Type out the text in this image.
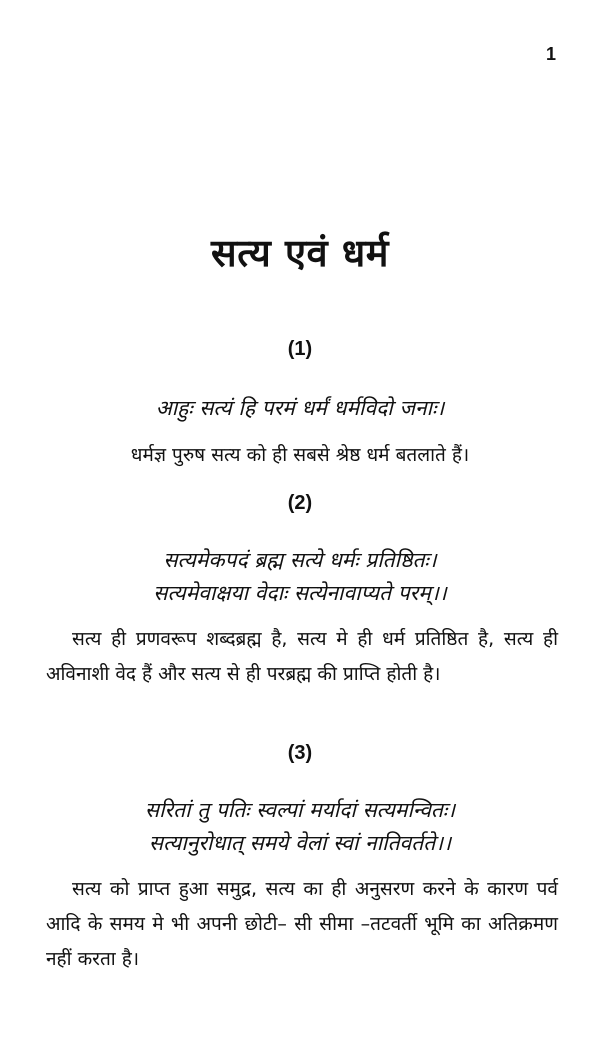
1
सत्य एवं धर्म
(1)
आहुः सत्यं हि परमं धर्मं धर्मविदो जनाः।
धर्मज्ञ पुरुष सत्य को ही सबसे श्रेष्ठ धर्म बतलाते हैं।
(2)
सत्यमेकपदं ब्रह्म सत्ये धर्मः प्रतिष्ठितः।
सत्यमेवाक्षया वेदाः सत्येनावाप्यते परम्।।
सत्य ही प्रणवरूप शब्दब्रह्म है, सत्य मे ही धर्म प्रतिष्ठित है, सत्य ही अविनाशी वेद हैं और सत्य से ही परब्रह्म की प्राप्ति होती है।
(3)
सरितां तु पतिः स्वल्पां मर्यादां सत्यमन्वितः।
सत्यानुरोधात् समये वेलां स्वां नातिवर्तते।।
सत्य को प्राप्त हुआ समुद्र, सत्य का ही अनुसरण करने के कारण पर्व आदि के समय मे भी अपनी छोटी– सी सीमा –तटवर्ती भूमि का अतिक्रमण नहीं करता है।
